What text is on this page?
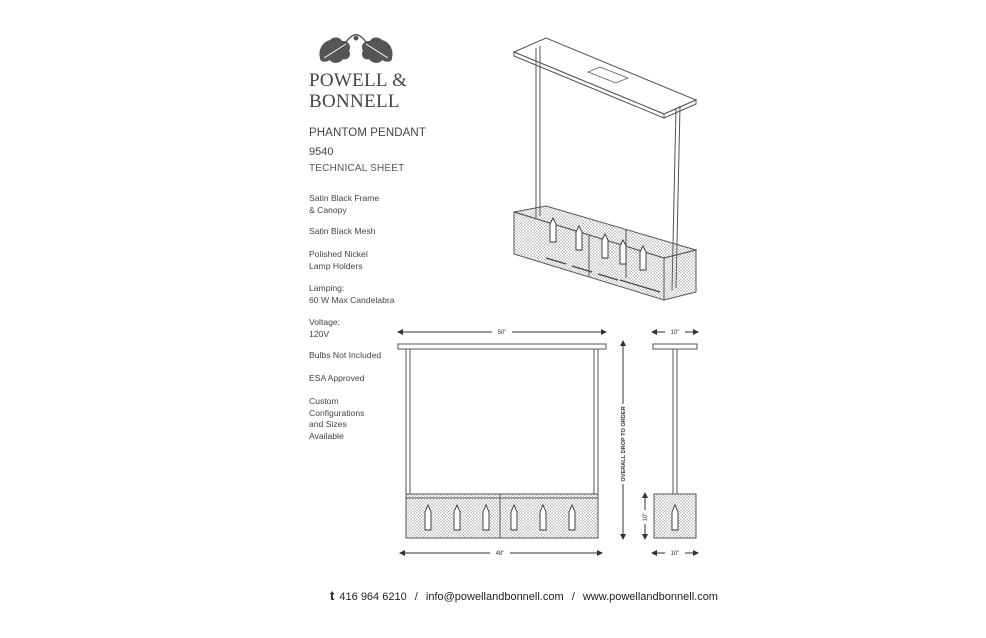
POWELL &
BONNELL
PHANTOM PENDANT
9540
TECHNICAL SHEET
Satin Black Frame
& Canopy
Satin Black Mesh
Polished Nickel
Lamp Holders
Lamping:
60 W Max Candelabra
Voltage:
120V
Bulbs Not Included
ESA Approved
Custom
Configurations
and Sizes
Available
50"
48"
OVERALL DROP TO ORDER
10"
10"
10"
t 416 964 6210 / info@powellandbonnell.com / www.powellandbonnell.com
